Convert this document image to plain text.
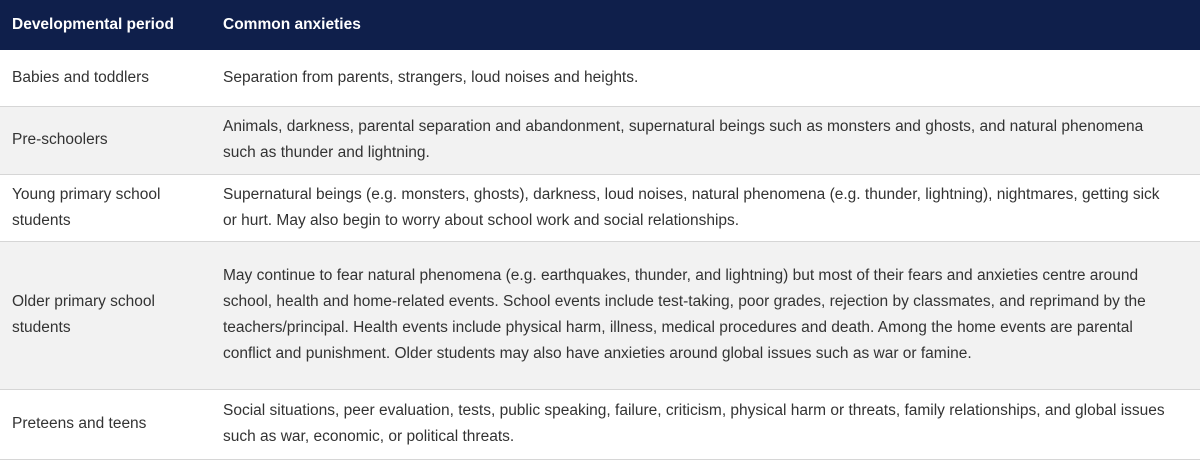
Developmental period	Common anxieties
Babies and toddlers	Separation from parents, strangers, loud noises and heights.
Pre-schoolers	Animals, darkness, parental separation and abandonment, supernatural beings such as monsters and ghosts, and natural phenomena such as thunder and lightning.
Young primary school students	Supernatural beings (e.g. monsters, ghosts), darkness, loud noises, natural phenomena (e.g. thunder, lightning), nightmares, getting sick or hurt. May also begin to worry about school work and social relationships.
Older primary school students	May continue to fear natural phenomena (e.g. earthquakes, thunder, and lightning) but most of their fears and anxieties centre around school, health and home-related events. School events include test-taking, poor grades, rejection by classmates, and reprimand by the teachers/principal. Health events include physical harm, illness, medical procedures and death. Among the home events are parental conflict and punishment. Older students may also have anxieties around global issues such as war or famine.
Preteens and teens	Social situations, peer evaluation, tests, public speaking, failure, criticism, physical harm or threats, family relationships, and global issues such as war, economic, or political threats.
